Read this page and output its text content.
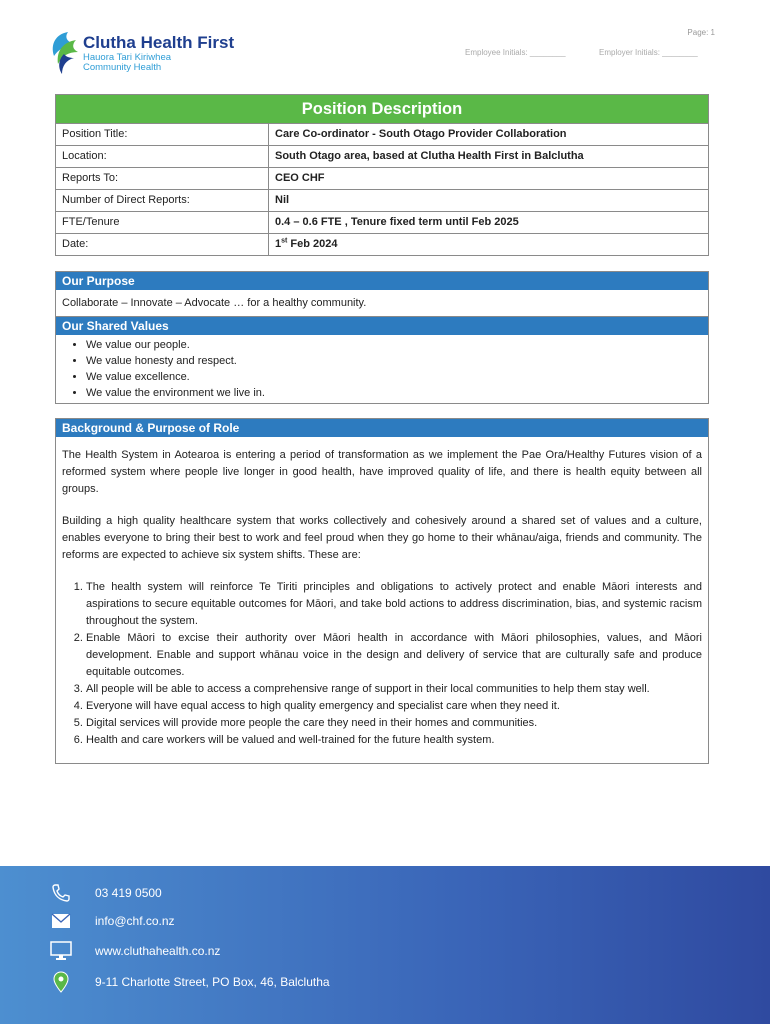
Clutha Health First
Hauora Tari Kiriwhea
Community Health
Page: 1
Employee Initials: ________	Employer Initials: ________
Position Description
Position Title:	Care Co-ordinator - South Otago Provider Collaboration
Location:	South Otago area, based at Clutha Health First in Balclutha
Reports To:	CEO CHF
Number of Direct Reports:	Nil
FTE/Tenure	0.4 – 0.6 FTE , Tenure fixed term until Feb 2025
Date:	1st Feb 2024
Our Purpose
Collaborate – Innovate – Advocate … for a healthy community.
Our Shared Values
• We value our people.
• We value honesty and respect.
• We value excellence.
• We value the environment we live in.
Background & Purpose of Role

The Health System in Aotearoa is entering a period of transformation as we implement the Pae Ora/Healthy Futures vision of a reformed system where people live longer in good health, have improved quality of life, and there is health equity between all groups.

Building a high quality healthcare system that works collectively and cohesively around a shared set of values and a culture, enables everyone to bring their best to work and feel proud when they go home to their whānau/aiga, friends and community. The reforms are expected to achieve six system shifts. These are:

1. The health system will reinforce Te Tiriti principles and obligations to actively protect and enable Māori interests and aspirations to secure equitable outcomes for Māori, and take bold actions to address discrimination, bias, and systemic racism throughout the system.
2. Enable Māori to excise their authority over Māori health in accordance with Māori philosophies, values, and Māori development. Enable and support whānau voice in the design and delivery of service that are culturally safe and produce equitable outcomes.
3. All people will be able to access a comprehensive range of support in their local communities to help them stay well.
4. Everyone will have equal access to high quality emergency and specialist care when they need it.
5. Digital services will provide more people the care they need in their homes and communities.
6. Health and care workers will be valued and well-trained for the future health system.
03 419 0500
info@chf.co.nz
www.cluthahealth.co.nz
9-11 Charlotte Street, PO Box, 46, Balclutha
